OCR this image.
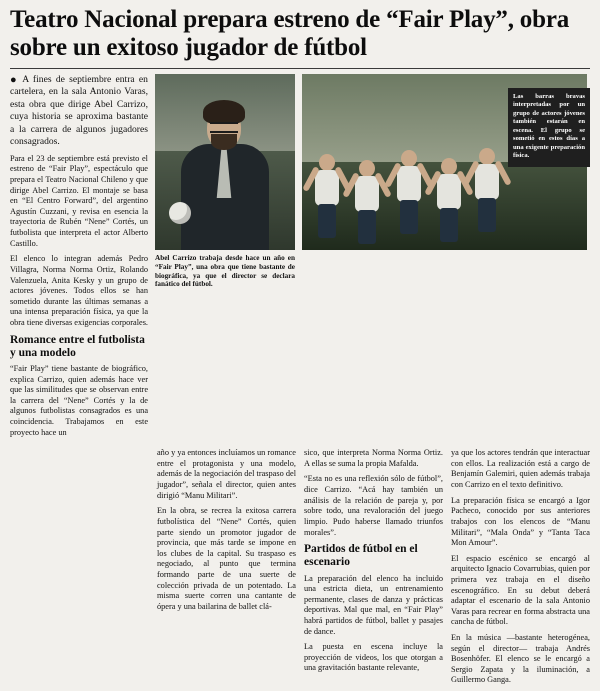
Teatro Nacional prepara estreno de “Fair Play”, obra sobre un exitoso jugador de fútbol

● A fines de septiembre entra en cartelera, en la sala Antonio Varas, esta obra que dirige Abel Carrizo, cuya historia se aproxima bastante a la carrera de algunos jugadores consagrados.

Para el 23 de septiembre está previsto el estreno de “Fair Play”, espectáculo que prepara el Teatro Nacional Chileno y que dirige Abel Carrizo. El montaje se basa en “El Centro Forward”, del argentino Agustín Cuzzani, y revisa en esencia la trayectoria de Rubén “Nene” Cortés, un futbolista que interpreta el actor Alberto Castillo.

El elenco lo integran además Pedro Villagra, Norma Norma Ortiz, Rolando Valenzuela, Anita Kesky y un grupo de actores jóvenes. Todos ellos se han sometido durante las últimas semanas a una intensa preparación física, ya que la obra tiene diversas exigencias corporales.

Romance entre el futbolista y una modelo

“Fair Play” tiene bastante de biográfico, explica Carrizo, quien además hace ver que las similitudes que se observan entre la carrera del “Nene” Cortés y la de algunos futbolistas consagrados es una coincidencia. Trabajamos en este proyecto hace un

Abel Carrizo trabaja desde hace un año en “Fair Play”, una obra que tiene bastante de biográfica, ya que el director se declara fanático del fútbol.
Las barras bravas interpretadas por un grupo de actores jóvenes también estarán en escena. El grupo se sometió en estos días a una exigente preparación física.

año y ya entonces incluíamos un romance entre el protagonista y una modelo, además de la negociación del traspaso del jugador”, señala el director, quien antes dirigió “Manu Militari”.

En la obra, se recrea la exitosa carrera futbolística del “Nene” Cortés, quien parte siendo un promotor jugador de provincia, que más tarde se impone en los clubes de la capital. Su traspaso es negociado, al punto que termina formando parte de una suerte de colección privada de un potentado. La misma suerte corren una cantante de ópera y una bailarina de ballet clá-

sico, que interpreta Norma Norma Ortiz. A ellas se suma la propia Mafalda.

“Esta no es una reflexión sólo de fútbol”, dice Carrizo. “Acá hay también un análisis de la relación de pareja y, por sobre todo, una revaloración del juego limpio. Pudo haberse llamado triunfos morales”.

Partidos de fútbol en el escenario

La preparación del elenco ha incluido una estricta dieta, un entrenamiento permanente, clases de danza y prácticas deportivas. Mal que mal, en “Fair Play” habrá partidos de fútbol, ballet y pasajes de dance.

La puesta en escena incluye la proyección de videos, los que otorgan a una gravitación bastante relevante,

ya que los actores tendrán que interactuar con ellos. La realización está a cargo de Benjamín Galemiri, quien además trabaja con Carrizo en el texto definitivo.

La preparación física se encargó a Igor Pacheco, conocido por sus anteriores trabajos con los elencos de “Manu Militari”, “Mala Onda” y “Tanta Taca Mon Amour”.

El espacio escénico se encargó al arquitecto Ignacio Covarrubias, quien por primera vez trabaja en el diseño escenográfico. En su debut deberá adaptar el escenario de la sala Antonio Varas para recrear en forma abstracta una cancha de fútbol.

En la música —bastante heterogénea, según el director— trabaja Andrés Bosenhöfer. El elenco se le encargó a Sergio Zapata y la iluminación, a Guillermo Ganga.
